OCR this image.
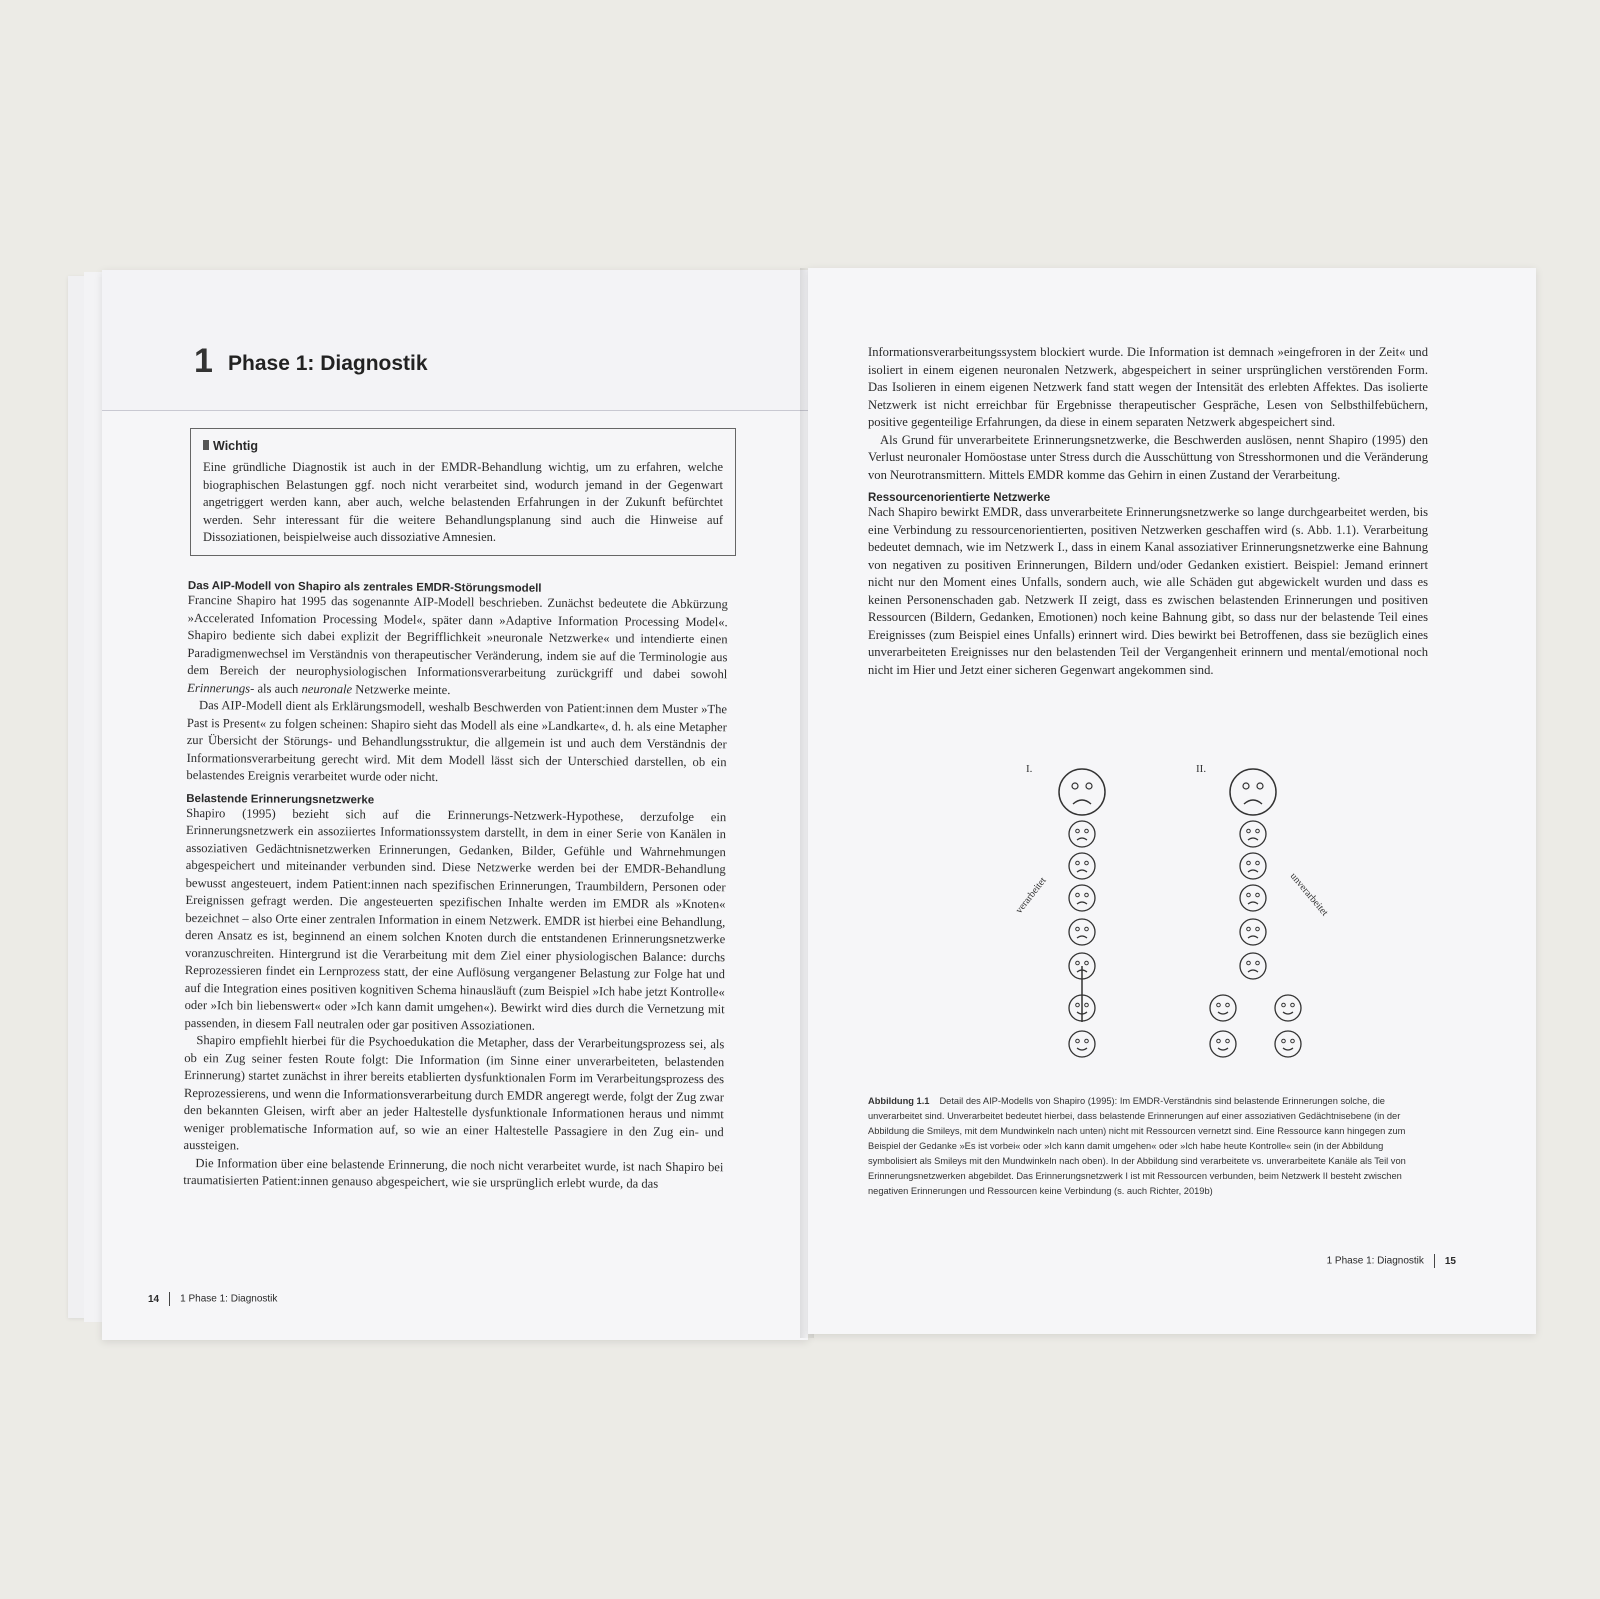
1 Phase 1: Diagnostik
Wichtig
Eine gründliche Diagnostik ist auch in der EMDR-Behandlung wichtig, um zu erfahren, welche biographischen Belastungen ggf. noch nicht verarbeitet sind, wodurch jemand in der Gegenwart angetriggert werden kann, aber auch, welche belastenden Erfahrungen in der Zukunft befürchtet werden. Sehr interessant für die weitere Behandlungsplanung sind auch die Hinweise auf Dissoziationen, beispielweise auch dissoziative Amnesien.

Das AIP-Modell von Shapiro als zentrales EMDR-Störungsmodell

Francine Shapiro hat 1995 das sogenannte AIP-Modell beschrieben. Zunächst bedeutete die Abkürzung »Accelerated Infomation Processing Model«, später dann »Adaptive Information Processing Model«. Shapiro bediente sich dabei explizit der Begrifflichkeit »neuronale Netzwerke« und intendierte einen Paradigmenwechsel im Verständnis von therapeutischer Veränderung, indem sie auf die Terminologie aus dem Bereich der neurophysiologischen Informationsverarbeitung zurückgriff und dabei sowohl Erinnerungs- als auch neuronale Netzwerke meinte.

Das AIP-Modell dient als Erklärungsmodell, weshalb Beschwerden von Patient:innen dem Muster »The Past is Present« zu folgen scheinen: Shapiro sieht das Modell als eine »Landkarte«, d. h. als eine Metapher zur Übersicht der Störungs- und Behandlungsstruktur, die allgemein ist und auch dem Verständnis der Informationsverarbeitung gerecht wird. Mit dem Modell lässt sich der Unterschied darstellen, ob ein belastendes Ereignis verarbeitet wurde oder nicht.

Belastende Erinnerungsnetzwerke

Shapiro (1995) bezieht sich auf die Erinnerungs-Netzwerk-Hypothese, derzufolge ein Erinnerungsnetzwerk ein assoziiertes Informationssystem darstellt, in dem in einer Serie von Kanälen in assoziativen Gedächtnisnetzwerken Erinnerungen, Gedanken, Bilder, Gefühle und Wahrnehmungen abgespeichert und miteinander verbunden sind. Diese Netzwerke werden bei der EMDR-Behandlung bewusst angesteuert, indem Patient:innen nach spezifischen Erinnerungen, Traumbildern, Personen oder Ereignissen gefragt werden. Die angesteuerten spezifischen Inhalte werden im EMDR als »Knoten« bezeichnet – also Orte einer zentralen Information in einem Netzwerk. EMDR ist hierbei eine Behandlung, deren Ansatz es ist, beginnend an einem solchen Knoten durch die entstandenen Erinnerungsnetzwerke voranzuschreiten. Hintergrund ist die Verarbeitung mit dem Ziel einer physiologischen Balance: durchs Reprozessieren findet ein Lernprozess statt, der eine Auflösung vergangener Belastung zur Folge hat und auf die Integration eines positiven kognitiven Schema hinausläuft (zum Beispiel »Ich habe jetzt Kontrolle« oder »Ich bin liebenswert« oder »Ich kann damit umgehen«). Bewirkt wird dies durch die Vernetzung mit passenden, in diesem Fall neutralen oder gar positiven Assoziationen.

Shapiro empfiehlt hierbei für die Psychoedukation die Metapher, dass der Verarbeitungsprozess sei, als ob ein Zug seiner festen Route folgt: Die Information (im Sinne einer unverarbeiteten, belastenden Erinnerung) startet zunächst in ihrer bereits etablierten dysfunktionalen Form im Verarbeitungsprozess des Reprozessierens, und wenn die Informationsverarbeitung durch EMDR angeregt werde, folgt der Zug zwar den bekannten Gleisen, wirft aber an jeder Haltestelle dysfunktionale Informationen heraus und nimmt weniger problematische Information auf, so wie an einer Haltestelle Passagiere in den Zug ein- und aussteigen.

Die Information über eine belastende Erinnerung, die noch nicht verarbeitet wurde, ist nach Shapiro bei traumatisierten Patient:innen genauso abgespeichert, wie sie ursprünglich erlebt wurde, da das

14 1 Phase 1: Diagnostik

Informationsverarbeitungssystem blockiert wurde. Die Information ist demnach »eingefroren in der Zeit« und isoliert in einem eigenen neuronalen Netzwerk, abgespeichert in seiner ursprünglichen verstörenden Form. Das Isolieren in einem eigenen Netzwerk fand statt wegen der Intensität des erlebten Affektes. Das isolierte Netzwerk ist nicht erreichbar für Ergebnisse therapeutischer Gespräche, Lesen von Selbsthilfebüchern, positive gegenteilige Erfahrungen, da diese in einem separaten Netzwerk abgespeichert sind.

Als Grund für unverarbeitete Erinnerungsnetzwerke, die Beschwerden auslösen, nennt Shapiro (1995) den Verlust neuronaler Homöostase unter Stress durch die Ausschüttung von Stresshormonen und die Veränderung von Neurotransmittern. Mittels EMDR komme das Gehirn in einen Zustand der Verarbeitung.

Ressourcenorientierte Netzwerke

Nach Shapiro bewirkt EMDR, dass unverarbeitete Erinnerungsnetzwerke so lange durchgearbeitet werden, bis eine Verbindung zu ressourcenorientierten, positiven Netzwerken geschaffen wird (s. Abb. 1.1). Verarbeitung bedeutet demnach, wie im Netzwerk I., dass in einem Kanal assoziativer Erinnerungsnetzwerke eine Bahnung von negativen zu positiven Erinnerungen, Bildern und/oder Gedanken existiert. Beispiel: Jemand erinnert nicht nur den Moment eines Unfalls, sondern auch, wie alle Schäden gut abgewickelt wurden und dass es keinen Personenschaden gab. Netzwerk II zeigt, dass es zwischen belastenden Erinnerungen und positiven Ressourcen (Bildern, Gedanken, Emotionen) noch keine Bahnung gibt, so dass nur der belastende Teil eines Ereignisses (zum Beispiel eines Unfalls) erinnert wird. Dies bewirkt bei Betroffenen, dass sie bezüglich eines unverarbeiteten Ereignisses nur den belastenden Teil der Vergangenheit erinnern und mental/emotional noch nicht im Hier und Jetzt einer sicheren Gegenwart angekommen sind.

I.
verarbeitet
II.
unverarbeitet
Abbildung 1.1 Detail des AIP-Modells von Shapiro (1995): Im EMDR-Verständnis sind belastende Erinnerungen solche, die unverarbeitet sind. Unverarbeitet bedeutet hierbei, dass belastende Erinnerungen auf einer assoziativen Gedächtnisebene (in der Abbildung die Smileys, mit dem Mundwinkeln nach unten) nicht mit Ressourcen vernetzt sind. Eine Ressource kann hingegen zum Beispiel der Gedanke »Es ist vorbei« oder »Ich kann damit umgehen« oder »Ich habe heute Kontrolle« sein (in der Abbildung symbolisiert als Smileys mit den Mundwinkeln nach oben). In der Abbildung sind verarbeitete vs. unverarbeitete Kanäle als Teil von Erinnerungsnetzwerken abgebildet. Das Erinnerungsnetzwerk I ist mit Ressourcen verbunden, beim Netzwerk II besteht zwischen negativen Erinnerungen und Ressourcen keine Verbindung (s. auch Richter, 2019b)
1 Phase 1: Diagnostik 15
